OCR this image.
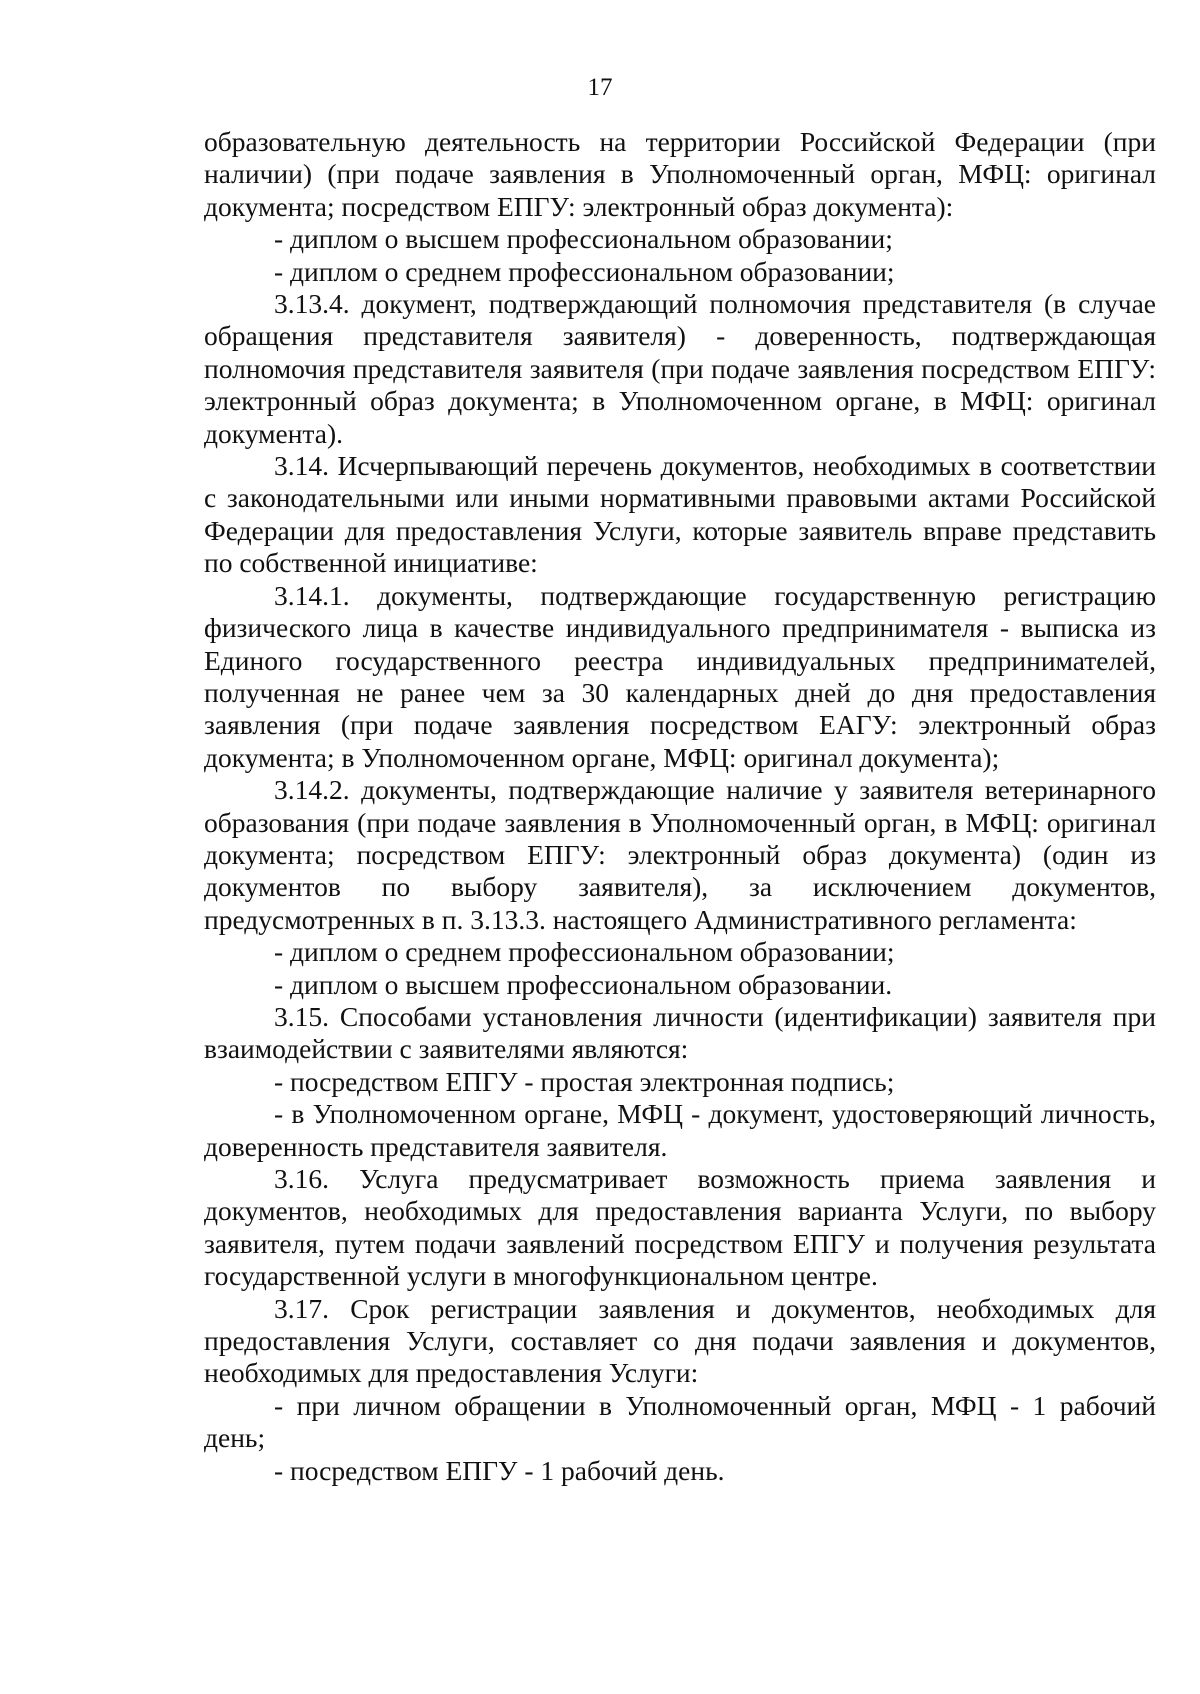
17

образовательную деятельность на территории Российской Федерации (при наличии) (при подаче заявления в Уполномоченный орган, МФЦ: оригинал документа; посредством ЕПГУ: электронный образ документа):

- диплом о высшем профессиональном образовании;

- диплом о среднем профессиональном образовании;

3.13.4. документ, подтверждающий полномочия представителя (в случае обращения представителя заявителя) - доверенность, подтверждающая полномочия представителя заявителя (при подаче заявления посредством ЕПГУ: электронный образ документа; в Уполномоченном органе, в МФЦ: оригинал документа).

3.14. Исчерпывающий перечень документов, необходимых в соответствии с законодательными или иными нормативными правовыми актами Российской Федерации для предоставления Услуги, которые заявитель вправе представить по собственной инициативе:

3.14.1. документы, подтверждающие государственную регистрацию физического лица в качестве индивидуального предпринимателя - выписка из Единого государственного реестра индивидуальных предпринимателей, полученная не ранее чем за 30 календарных дней до дня предоставления заявления (при подаче заявления посредством ЕАГУ: электронный образ документа; в Уполномоченном органе, МФЦ: оригинал документа);

3.14.2. документы, подтверждающие наличие у заявителя ветеринарного образования (при подаче заявления в Уполномоченный орган, в МФЦ: оригинал документа; посредством ЕПГУ: электронный образ документа) (один из документов по выбору заявителя), за исключением документов, предусмотренных в п. 3.13.3. настоящего Административного регламента:

- диплом о среднем профессиональном образовании;

- диплом о высшем профессиональном образовании.

3.15. Способами установления личности (идентификации) заявителя при взаимодействии с заявителями являются:

- посредством ЕПГУ - простая электронная подпись;

- в Уполномоченном органе, МФЦ - документ, удостоверяющий личность, доверенность представителя заявителя.

3.16. Услуга предусматривает возможность приема заявления и документов, необходимых для предоставления варианта Услуги, по выбору заявителя, путем подачи заявлений посредством ЕПГУ и получения результата государственной услуги в многофункциональном центре.

3.17. Срок регистрации заявления и документов, необходимых для предоставления Услуги, составляет со дня подачи заявления и документов, необходимых для предоставления Услуги:

- при личном обращении в Уполномоченный орган, МФЦ - 1 рабочий день;

- посредством ЕПГУ - 1 рабочий день.
